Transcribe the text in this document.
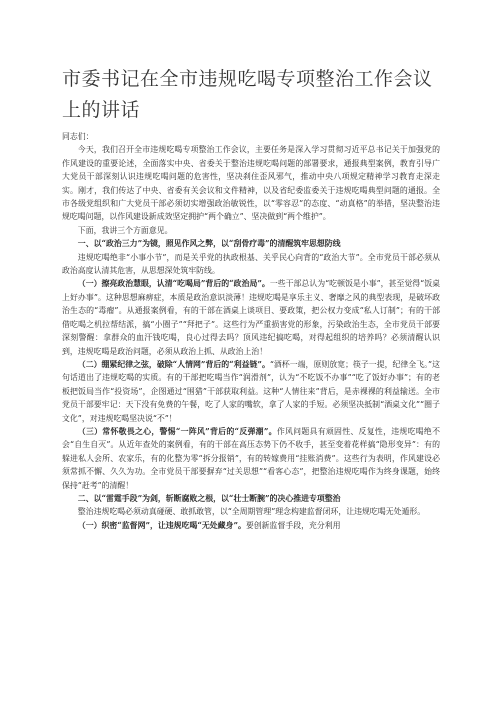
市委书记在全市违规吃喝专项整治工作会议上的讲话

同志们：

今天，我们召开全市违规吃喝专项整治工作会议，主要任务是深入学习贯彻习近平总书记关于加强党的作风建设的重要论述，全面落实中央、省委关于整治违规吃喝问题的部署要求，通报典型案例，教育引导广大党员干部深刻认识违规吃喝问题的危害性，坚决刹住歪风邪气，推动中央八项规定精神学习教育走深走实。刚才，我们传达了中央、省委有关会议和文件精神，以及省纪委监委关于违规吃喝典型问题的通报。全市各级党组织和广大党员干部必须切实增强政治敏锐性，以“零容忍”的态度、“动真格”的举措，坚决整治违规吃喝问题，以作风建设新成效坚定拥护“两个确立”、坚决做到“两个维护”。

下面，我讲三个方面意见。

一、以“政治三力”为镜，照见作风之弊，以“刮骨疗毒”的清醒筑牢思想防线

违规吃喝绝非“小事小节”，而是关乎党的执政根基、关乎民心向背的“政治大节”。全市党员干部必须从政治高度认清其危害，从思想深处筑牢防线。

（一）擦亮政治慧眼，认清“吃喝局”背后的“政治局”。一些干部总认为“吃顿饭是小事”，甚至觉得“饭桌上好办事”。这种思想麻痹症，本质是政治意识淡薄！违规吃喝是享乐主义、奢靡之风的典型表现，是破坏政治生态的“毒瘤”。从通报案例看，有的干部在酒桌上谈项目、要政策，把公权力变成“私人订制”；有的干部借吃喝之机拉帮结派，搞“小圈子”“拜把子”。这些行为严重损害党的形象，污染政治生态，全市党员干部要深刻警醒：拿群众的血汗钱吃喝，良心过得去吗？顶风违纪搞吃喝，对得起组织的培养吗？必须清醒认识到，违规吃喝是政治问题，必须从政治上抓、从政治上治！

（二）绷紧纪律之弦，破除“人情网”背后的“利益链”。“酒杯一端，原则放宽；筷子一提，纪律全飞。”这句话道出了违规吃喝的实质。有的干部把吃喝当作“润滑剂”，认为“不吃饭不办事”“吃了饭好办事”；有的老板把饭局当作“投资场”，企图通过“围猎”干部获取利益。这种“人情往来”背后，是赤裸裸的利益输送。全市党员干部要牢记：天下没有免费的午餐，吃了人家的嘴软，拿了人家的手短。必须坚决抵制“酒桌文化”“圈子文化”，对违规吃喝坚决说“不”！

（三）常怀敬畏之心，警惕“一阵风”背后的“反弹潮”。作风问题具有顽固性、反复性，违规吃喝绝不会“自生自灭”。从近年查处的案例看，有的干部在高压态势下仍不收手，甚至变着花样搞“隐形变异”：有的躲进私人会所、农家乐，有的化整为零“拆分报销”，有的转嫁费用“挂账消费”。这些行为表明，作风建设必须常抓不懈、久久为功。全市党员干部要摒弃“过关思想”“看客心态”，把整治违规吃喝作为终身课题，始终保持“赶考”的清醒！

二、以“雷霆手段”为剑，斩断腐败之根，以“壮士断腕”的决心推进专项整治

整治违规吃喝必须动真碰硬、敢抓敢管，以“全周期管理”理念构建监督闭环，让违规吃喝无处遁形。

（一）织密“监督网”，让违规吃喝“无处藏身”。要创新监督手段，充分利用
